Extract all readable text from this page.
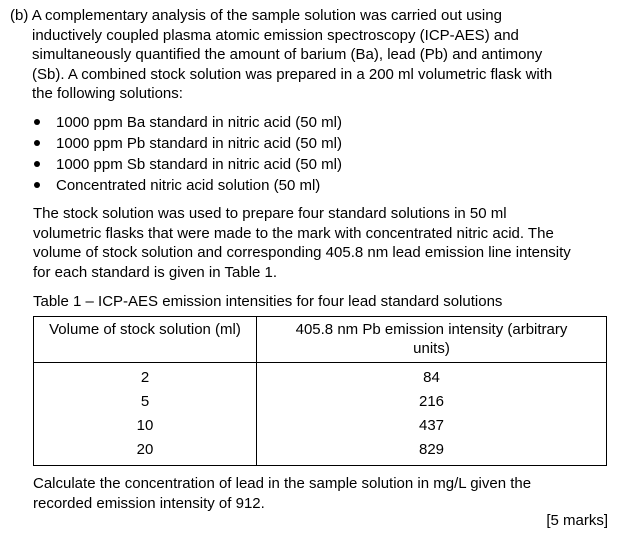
(b) A complementary analysis of the sample solution was carried out using
inductively coupled plasma atomic emission spectroscopy (ICP-AES) and
simultaneously quantified the amount of barium (Ba), lead (Pb) and antimony
(Sb). A combined stock solution was prepared in a 200 ml volumetric flask with
the following solutions:
1000 ppm Ba standard in nitric acid (50 ml)
1000 ppm Pb standard in nitric acid (50 ml)
1000 ppm Sb standard in nitric acid (50 ml)
Concentrated nitric acid solution (50 ml)
The stock solution was used to prepare four standard solutions in 50 ml
volumetric flasks that were made to the mark with concentrated nitric acid. The
volume of stock solution and corresponding 405.8 nm lead emission line intensity
for each standard is given in Table 1.
Table 1 – ICP-AES emission intensities for four lead standard solutions
Volume of stock solution (ml)	405.8 nm Pb emission intensity (arbitrary
units)

2	84
5	216
10	437
20	829
Calculate the concentration of lead in the sample solution in mg/L given the
recorded emission intensity of 912.
[5 marks]
